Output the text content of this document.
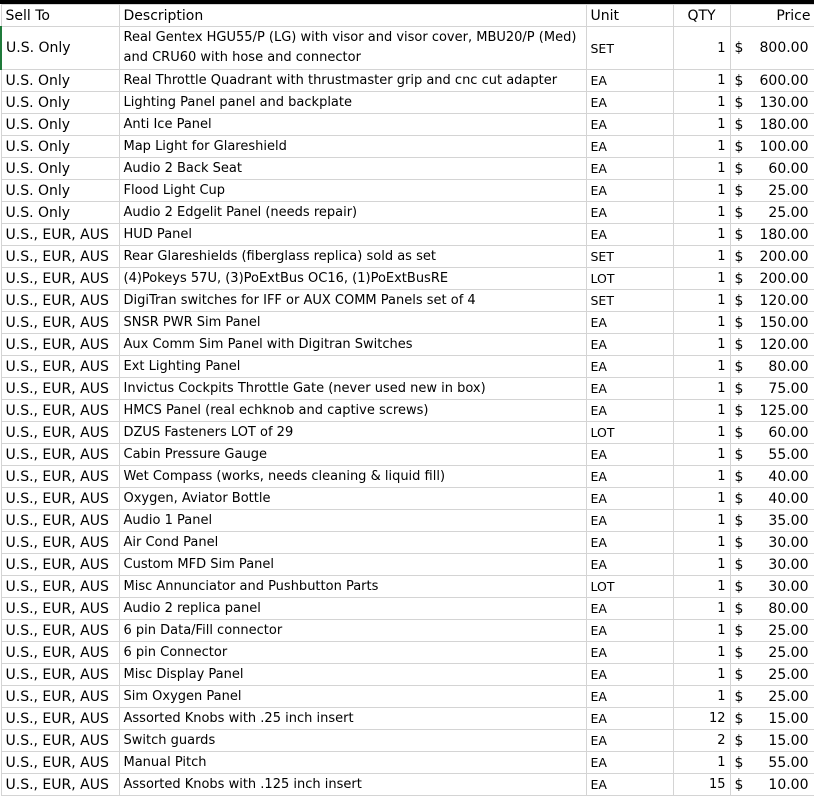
Sell To	Description	Unit	QTY	Price
U.S. Only	Real Gentex HGU55/P (LG) with visor and visor cover, MBU20/P (Med) and CRU60 with hose and connector	SET	1	$ 800.00

U.S. Only	Real Throttle Quadrant with thrustmaster grip and cnc cut adapter	EA	1	$ 600.00

U.S. Only	Lighting Panel panel and backplate	EA	1	$ 130.00

U.S. Only	Anti Ice Panel	EA	1	$ 180.00

U.S. Only	Map Light for Glareshield	EA	1	$ 100.00

U.S. Only	Audio 2 Back Seat	EA	1	$ 60.00

U.S. Only	Flood Light Cup	EA	1	$ 25.00

U.S. Only	Audio 2 Edgelit Panel (needs repair)	EA	1	$ 25.00

U.S., EUR, AUS	HUD Panel	EA	1	$ 180.00

U.S., EUR, AUS	Rear Glareshields (fiberglass replica) sold as set	SET	1	$ 200.00

U.S., EUR, AUS	(4)Pokeys 57U, (3)PoExtBus OC16, (1)PoExtBusRE	LOT	1	$ 200.00

U.S., EUR, AUS	DigiTran switches for IFF or AUX COMM Panels set of 4	SET	1	$ 120.00

U.S., EUR, AUS	SNSR PWR Sim Panel	EA	1	$ 150.00

U.S., EUR, AUS	Aux Comm Sim Panel with Digitran Switches	EA	1	$ 120.00

U.S., EUR, AUS	Ext Lighting Panel	EA	1	$ 80.00

U.S., EUR, AUS	Invictus Cockpits Throttle Gate (never used new in box)	EA	1	$ 75.00

U.S., EUR, AUS	HMCS Panel (real echknob and captive screws)	EA	1	$ 125.00

U.S., EUR, AUS	DZUS Fasteners LOT of 29	LOT	1	$ 60.00

U.S., EUR, AUS	Cabin Pressure Gauge	EA	1	$ 55.00

U.S., EUR, AUS	Wet Compass (works, needs cleaning & liquid fill)	EA	1	$ 40.00

U.S., EUR, AUS	Oxygen, Aviator Bottle	EA	1	$ 40.00

U.S., EUR, AUS	Audio 1 Panel	EA	1	$ 35.00

U.S., EUR, AUS	Air Cond Panel	EA	1	$ 30.00

U.S., EUR, AUS	Custom MFD Sim Panel	EA	1	$ 30.00

U.S., EUR, AUS	Misc Annunciator and Pushbutton Parts	LOT	1	$ 30.00

U.S., EUR, AUS	Audio 2 replica panel	EA	1	$ 80.00

U.S., EUR, AUS	6 pin Data/Fill connector	EA	1	$ 25.00

U.S., EUR, AUS	6 pin Connector	EA	1	$ 25.00

U.S., EUR, AUS	Misc Display Panel	EA	1	$ 25.00

U.S., EUR, AUS	Sim Oxygen Panel	EA	1	$ 25.00

U.S., EUR, AUS	Assorted Knobs with .25 inch insert	EA	12	$ 15.00

U.S., EUR, AUS	Switch guards	EA	2	$ 15.00

U.S., EUR, AUS	Manual Pitch	EA	1	$ 55.00

U.S., EUR, AUS	Assorted Knobs with .125 inch insert	EA	15	$ 10.00
